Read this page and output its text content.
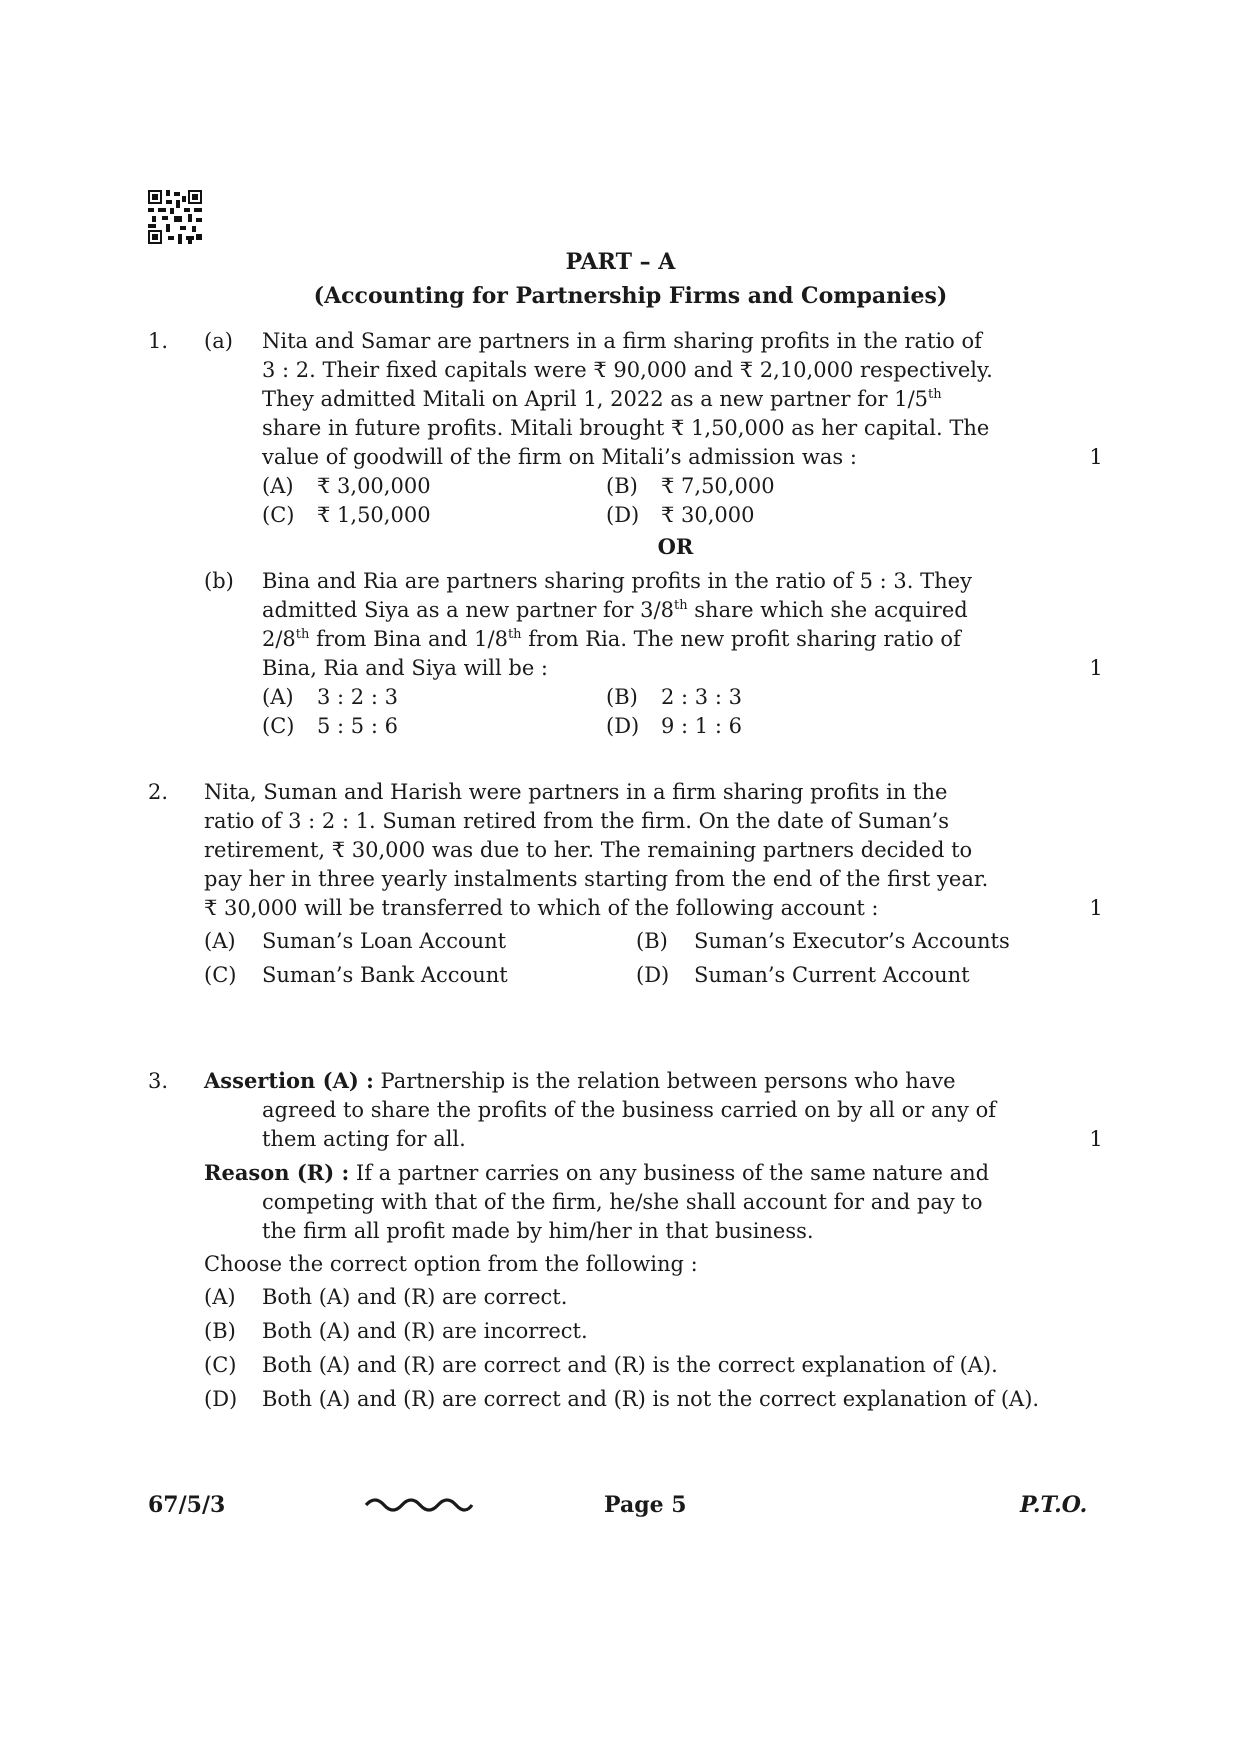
PART – A
(Accounting for Partnership Firms and Companies)
1. (a) Nita and Samar are partners in a firm sharing profits in the ratio of
3 : 2. Their fixed capitals were ₹ 90,000 and ₹ 2,10,000 respectively.
They admitted Mitali on April 1, 2022 as a new partner for 1/5th
share in future profits. Mitali brought ₹ 1,50,000 as her capital. The
value of goodwill of the firm on Mitali’s admission was :	1
(A) ₹ 3,00,000	(B) ₹ 7,50,000
(C) ₹ 1,50,000	(D) ₹ 30,000
OR
(b) Bina and Ria are partners sharing profits in the ratio of 5 : 3. They
admitted Siya as a new partner for 3/8th share which she acquired
2/8th from Bina and 1/8th from Ria. The new profit sharing ratio of
Bina, Ria and Siya will be :	1
(A) 3 : 2 : 3	(B) 2 : 3 : 3
(C) 5 : 5 : 6	(D) 9 : 1 : 6
2. Nita, Suman and Harish were partners in a firm sharing profits in the
ratio of 3 : 2 : 1. Suman retired from the firm. On the date of Suman’s
retirement, ₹ 30,000 was due to her. The remaining partners decided to
pay her in three yearly instalments starting from the end of the first year.
₹ 30,000 will be transferred to which of the following account :	1
(A) Suman’s Loan Account	(B) Suman’s Executor’s Accounts
(C) Suman’s Bank Account	(D) Suman’s Current Account
3. Assertion (A) : Partnership is the relation between persons who have
agreed to share the profits of the business carried on by all or any of
them acting for all.	1
Reason (R) : If a partner carries on any business of the same nature and
competing with that of the firm, he/she shall account for and pay to
the firm all profit made by him/her in that business.
Choose the correct option from the following :
(A) Both (A) and (R) are correct.
(B) Both (A) and (R) are incorrect.
(C) Both (A) and (R) are correct and (R) is the correct explanation of (A).
(D) Both (A) and (R) are correct and (R) is not the correct explanation of (A).
67/5/3	Page 5	P.T.O.
